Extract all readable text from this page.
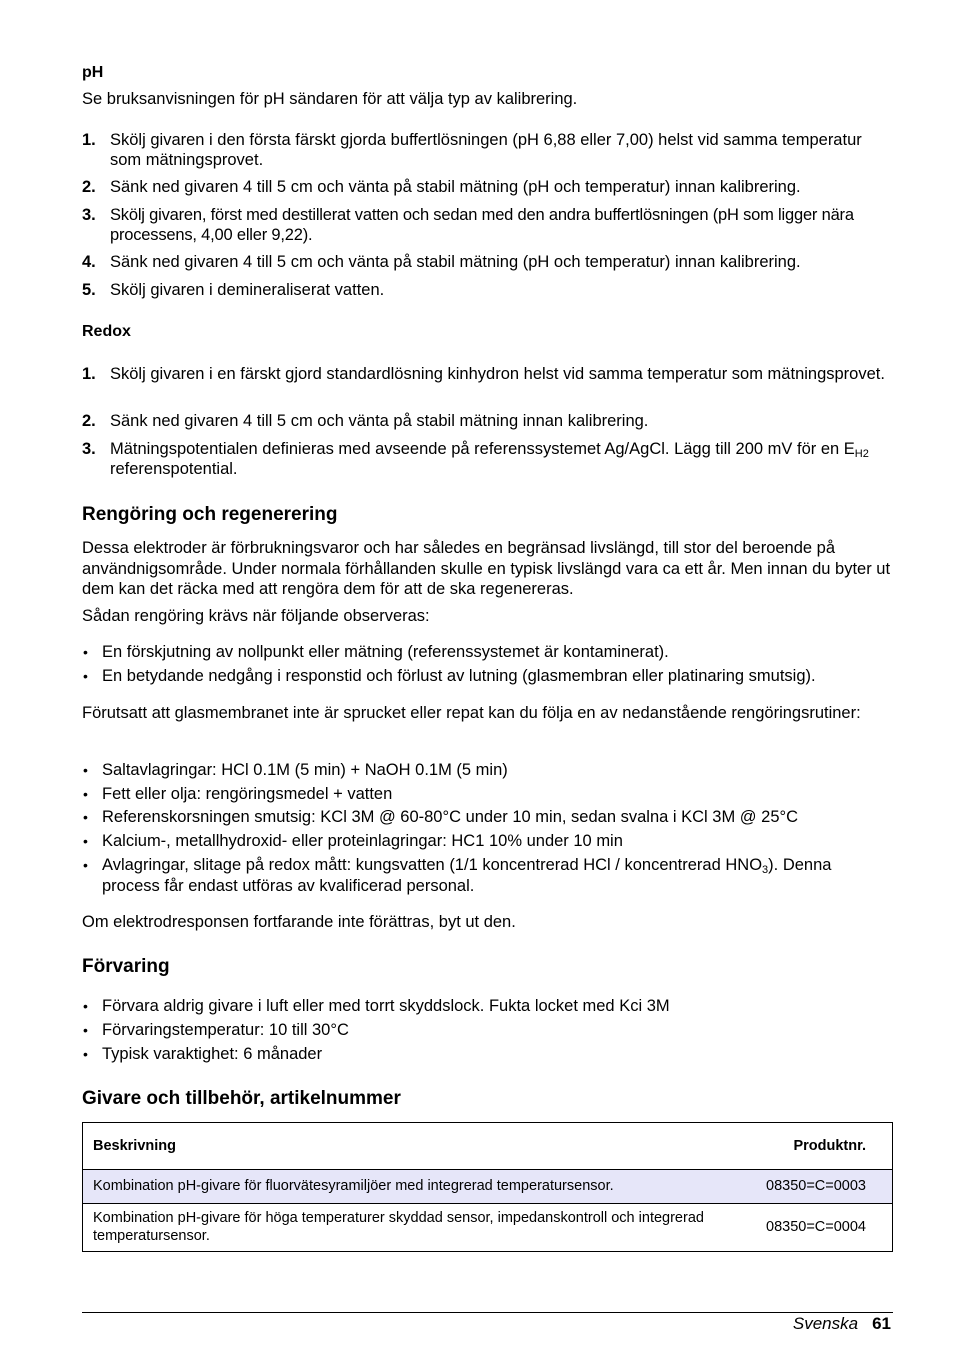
pH
Se bruksanvisningen för pH sändaren för att välja typ av kalibrering.
1. Skölj givaren i den första färskt gjorda buffertlösningen (pH 6,88 eller 7,00) helst vid samma temperatur som mätningsprovet.
2. Sänk ned givaren 4 till 5 cm och vänta på stabil mätning (pH och temperatur) innan kalibrering.
3. Skölj givaren, först med destillerat vatten och sedan med den andra buffertlösningen (pH som ligger nära processens, 4,00 eller 9,22).
4. Sänk ned givaren 4 till 5 cm och vänta på stabil mätning (pH och temperatur) innan kalibrering.
5. Skölj givaren i demineraliserat vatten.
Redox
1. Skölj givaren i en färskt gjord standardlösning kinhydron helst vid samma temperatur som mätningsprovet.
2. Sänk ned givaren 4 till 5 cm och vänta på stabil mätning innan kalibrering.
3. Mätningspotentialen definieras med avseende på referenssystemet Ag/AgCl. Lägg till 200 mV för en $E_{H2}$ referenspotential.
Rengöring och regenerering
Dessa elektroder är förbrukningsvaror och har således en begränsad livslängd, till stor del beroende på användnigsområde. Under normala förhållanden skulle en typisk livslängd vara ca ett år. Men innan du byter ut dem kan det räcka med att rengöra dem för att de ska regenereras.
Sådan rengöring krävs när följande observeras:
• En förskjutning av nollpunkt eller mätning (referenssystemet är kontaminerat).
• En betydande nedgång i responstid och förlust av lutning (glasmembran eller platinaring smutsig).
Förutsatt att glasmembranet inte är sprucket eller repat kan du följa en av nedanstående rengöringsrutiner:
• Saltavlagringar: HCl 0.1M (5 min) + NaOH 0.1M (5 min)
• Fett eller olja: rengöringsmedel + vatten
• Referenskorsningen smutsig: KCl 3M @ 60-80°C under 10 min, sedan svalna i KCl 3M @ 25°C
• Kalcium-, metallhydroxid- eller proteinlagringar: HC1 10% under 10 min
• Avlagringar, slitage på redox mått: kungsvatten (1/1 koncentrerad HCl / koncentrerad $HNO_3$). Denna process får endast utföras av kvalificerad personal.
Om elektrodresponsen fortfarande inte förättras, byt ut den.
Förvaring
• Förvara aldrig givare i luft eller med torrt skyddslock. Fukta locket med Kci 3M
• Förvaringstemperatur: 10 till 30°C
• Typisk varaktighet: 6 månader
Givare och tillbehör, artikelnummer
Beskrivning	Produktnr.
Kombination pH-givare för fluorvätesyramiljöer med integrerad temperatursensor.	08350=C=0003
Kombination pH-givare för höga temperaturer skyddad sensor, impedanskontroll och integrerad temperatursensor.
08350=C=0004
Svenska 61
